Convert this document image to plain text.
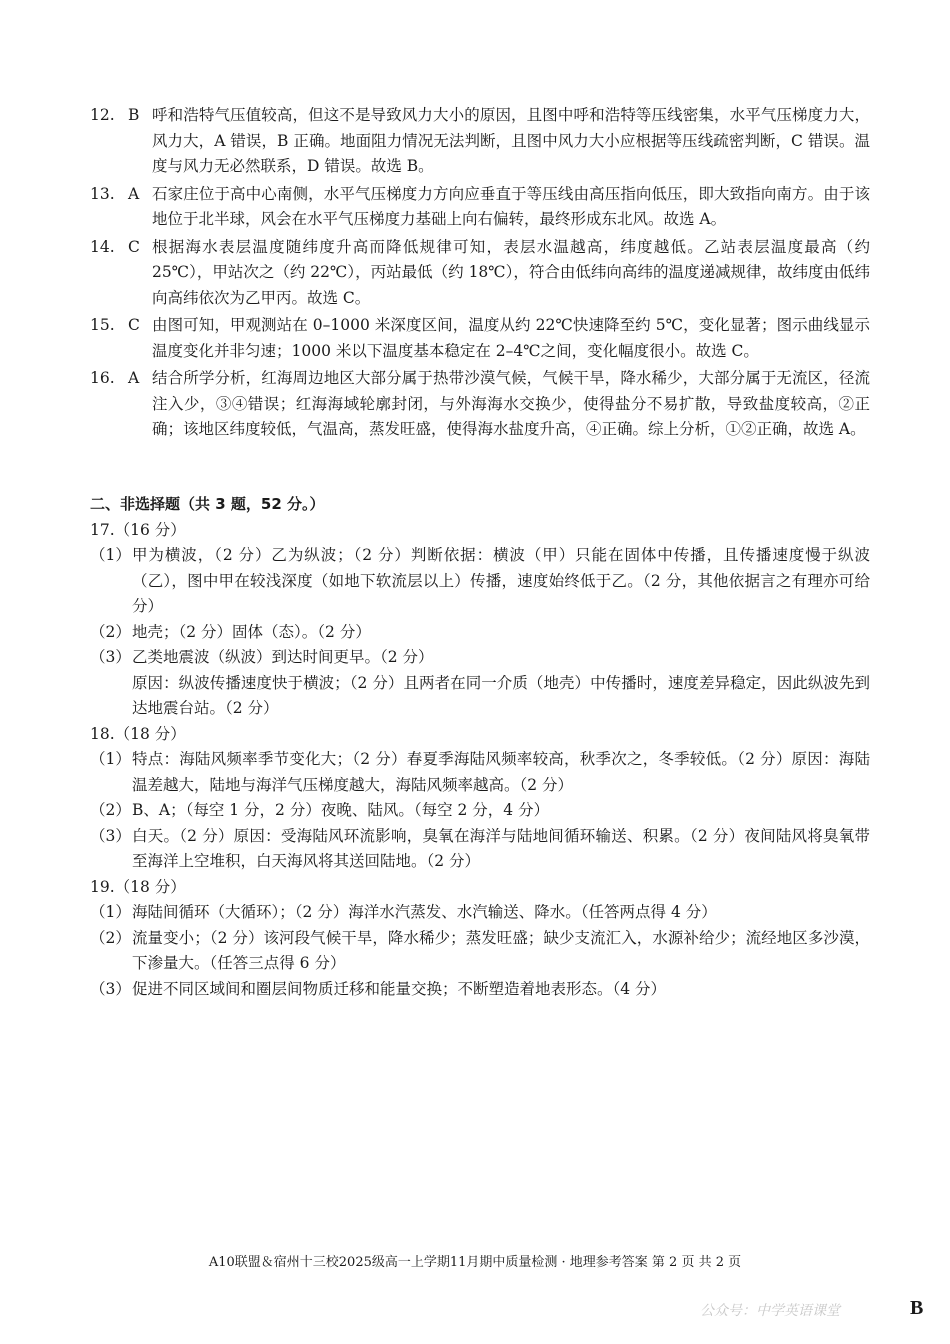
12. B 呼和浩特气压值较高，但这不是导致风力大小的原因，且图中呼和浩特等压线密集，水平气压梯度力大，风力大，A 错误，B 正确。地面阻力情况无法判断，且图中风力大小应根据等压线疏密判断，C 错误。温度与风力无必然联系，D 错误。故选 B。
13. A 石家庄位于高中心南侧，水平气压梯度力方向应垂直于等压线由高压指向低压，即大致指向南方。由于该地位于北半球，风会在水平气压梯度力基础上向右偏转，最终形成东北风。故选 A。
14. C 根据海水表层温度随纬度升高而降低规律可知，表层水温越高，纬度越低。乙站表层温度最高（约 25℃），甲站次之（约 22℃），丙站最低（约 18℃），符合由低纬向高纬的温度递减规律，故纬度由低纬向高纬依次为乙甲丙。故选 C。
15. C 由图可知，甲观测站在 0–1000 米深度区间，温度从约 22℃快速降至约 5℃，变化显著；图示曲线显示温度变化并非匀速；1000 米以下温度基本稳定在 2–4℃之间，变化幅度很小。故选 C。
16. A 结合所学分析，红海周边地区大部分属于热带沙漠气候，气候干旱，降水稀少，大部分属于无流区，径流注入少，③④错误；红海海域轮廓封闭，与外海海水交换少，使得盐分不易扩散，导致盐度较高，②正确；该地区纬度较低，气温高，蒸发旺盛，使得海水盐度升高，④正确。综上分析，①②正确，故选 A。
二、非选择题（共 3 题，52 分。）
17.（16 分）
（1） 甲为横波，（2 分）乙为纵波；（2 分）判断依据：横波（甲）只能在固体中传播，且传播速度慢于纵波（乙），图中甲在较浅深度（如地下软流层以上）传播，速度始终低于乙。（2 分，其他依据言之有理亦可给分）
（2） 地壳；（2 分）固体（态）。（2 分）
（3） 乙类地震波（纵波）到达时间更早。（2 分）
原因：纵波传播速度快于横波；（2 分）且两者在同一介质（地壳）中传播时，速度差异稳定，因此纵波先到达地震台站。（2 分）
18.（18 分）
（1） 特点：海陆风频率季节变化大；（2 分）春夏季海陆风频率较高，秋季次之，冬季较低。（2 分）原因：海陆温差越大，陆地与海洋气压梯度越大，海陆风频率越高。（2 分）
（2） B、A；（每空 1 分，2 分）夜晚、陆风。（每空 2 分，4 分）
（3） 白天。（2 分）原因：受海陆风环流影响，臭氧在海洋与陆地间循环输送、积累。（2 分）夜间陆风将臭氧带至海洋上空堆积，白天海风将其送回陆地。（2 分）
19.（18 分）
（1） 海陆间循环（大循环）；（2 分）海洋水汽蒸发、水汽输送、降水。（任答两点得 4 分）
（2） 流量变小；（2 分）该河段气候干旱，降水稀少；蒸发旺盛；缺少支流汇入，水源补给少；流经地区多沙漠，下渗量大。（任答三点得 6 分）
（3） 促进不同区域间和圈层间物质迁移和能量交换；不断塑造着地表形态。（4 分）
A10联盟＆宿州十三校2025级高一上学期11月期中质量检测 · 地理参考答案 第 2 页 共 2 页
公众号：中学英语课堂	B
